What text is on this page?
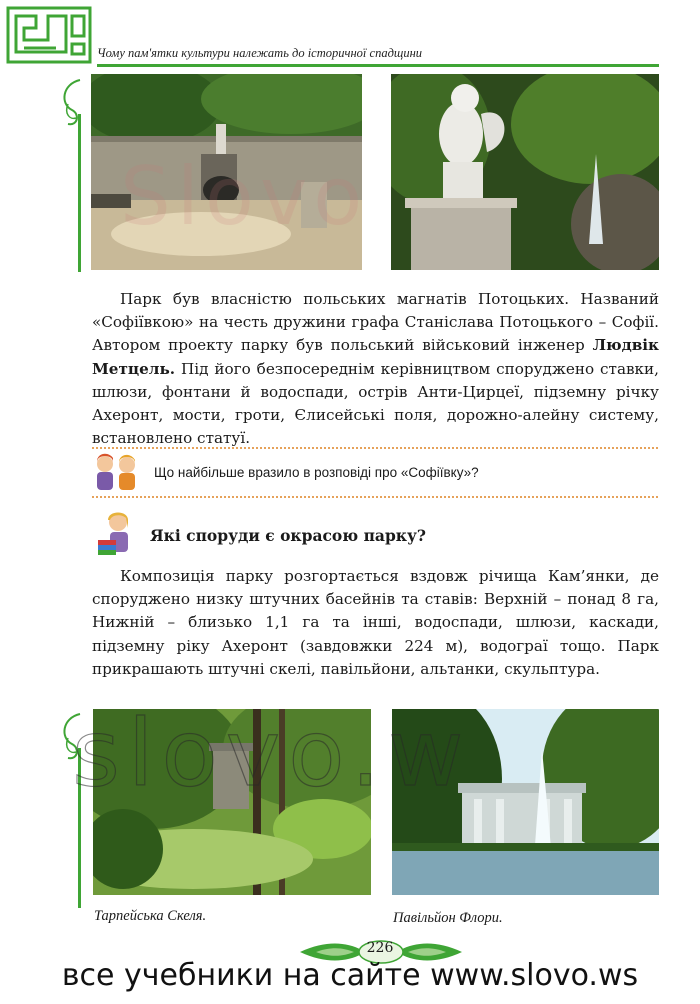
Чому пам'ятки культури належать до історичної спадщини
Slovo
Парк був власністю польських магнатів Потоцьких. Названий «Софіївкою» на честь дружини графа Станіслава Потоцького – Софії. Автором проекту парку був польський військовий інженер Людвік Метцель. Під його безпосереднім керівництвом споруджено ставки, шлюзи, фонтани й водоспади, острів Анти-Цирцеї, підземну річку Ахеронт, мости, гроти, Єлисейські поля, дорожно-алейну систему, встановлено статуї.
Що найбільше вразило в розповіді про «Софіївку»?
Які споруди є окрасою парку?
Композиція парку розгортається вздовж річища Кам’янки, де споруджено низку штучних басейнів та ставів: Верхній – понад 8 га, Нижній – близько 1,1 га та інші, водоспади, шлюзи, каскади, підземну ріку Ахеронт (завдовжки 224 м), водограї тощо. Парк прикрашають штучні скелі, павільйони, альтанки, скульптура.
slovo.w
Тарпейська Скеля.	Павільйон Флори.
226
все учебники на сайте www.slovo.ws
